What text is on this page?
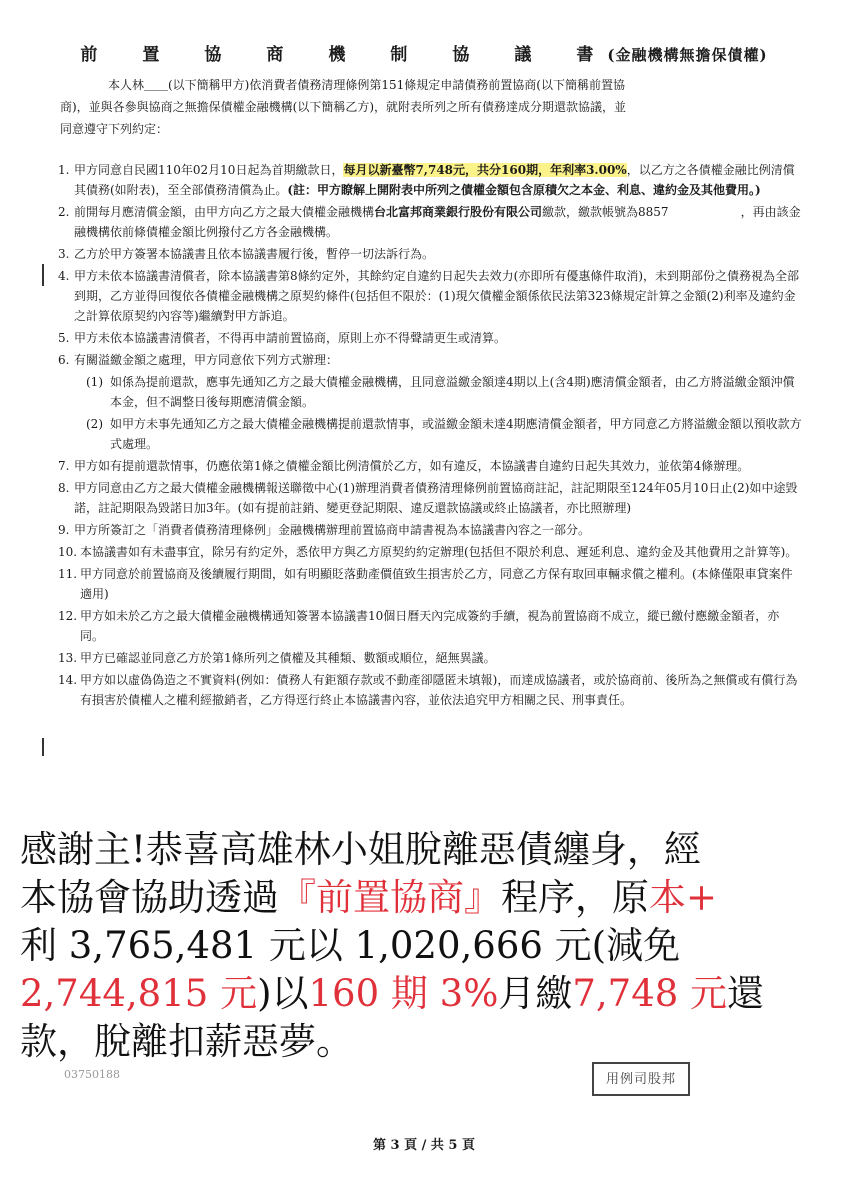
前　置　協　商　機　制　協　議　書(金融機構無擔保債權)
本人林＿＿(以下簡稱甲方)依消費者債務清理條例第151條規定申請債務前置協商(以下簡稱前置協
商)，並與各參與協商之無擔保債權金融機構(以下簡稱乙方)，就附表所列之所有債務達成分期還款協議，並
同意遵守下列約定：
1. 甲方同意自民國110年02月10日起為首期繳款日，每月以新臺幣7,748元，共分160期，年利率3.00%，以乙方之各債權金融比例清償其債務(如附表)，至全部債務清償為止。(註：甲方瞭解上開附表中所列之債權金額包含原積欠之本金、利息、違約金及其他費用。)
2. 前開每月應清償金額，由甲方向乙方之最大債權金融機構台北富邦商業銀行股份有限公司繳款，繳款帳號為8857　　　　　　，再由該金融機構依前條債權金額比例撥付乙方各金融機構。
3. 乙方於甲方簽署本協議書且依本協議書履行後，暫停一切法訴行為。
4. 甲方未依本協議書清償者，除本協議書第8條約定外，其餘約定自違約日起失去效力(亦即所有優惠條件取消)，未到期部份之債務視為全部到期，乙方並得回復依各債權金融機構之原契約條件(包括但不限於：(1)現欠債權金額係依民法第323條規定計算之金額(2)利率及違約金之計算依原契約內容等)繼續對甲方訴追。
5. 甲方未依本協議書清償者，不得再申請前置協商，原則上亦不得聲請更生或清算。
6. 有關溢繳金額之處理，甲方同意依下列方式辦理：
(1) 如係為提前還款，應事先通知乙方之最大債權金融機構，且同意溢繳金額達4期以上(含4期)應清償金額者，由乙方將溢繳金額沖償本金，但不調整日後每期應清償金額。
(2) 如甲方未事先通知乙方之最大債權金融機構提前還款情事，或溢繳金額未達4期應清償金額者，甲方同意乙方將溢繳金額以預收款方式處理。
7. 甲方如有提前還款情事，仍應依第1條之債權金額比例清償於乙方，如有違反，本協議書自違約日起失其效力，並依第4條辦理。
8. 甲方同意由乙方之最大債權金融機構報送聯徵中心(1)辦理消費者債務清理條例前置協商註記，註記期限至124年05月10日止(2)如中途毀諾，註記期限為毀諾日加3年。(如有提前註銷、變更登記期限、違反還款協議或終止協議者，亦比照辦理)
9. 甲方所簽訂之「消費者債務清理條例」金融機構辦理前置協商申請書視為本協議書內容之一部分。
10. 本協議書如有未盡事宜，除另有約定外，悉依甲方與乙方原契約約定辦理(包括但不限於利息、遲延利息、違約金及其他費用之計算等)。
11. 甲方同意於前置協商及後續履行期間，如有明顯貶落動產價值致生損害於乙方，同意乙方保有取回車輛求償之權利。(本條僅限車貸案件適用)
12. 甲方如未於乙方之最大債權金融機構通知簽署本協議書10個日曆天內完成簽約手續，視為前置協商不成立，縱已繳付應繳金額者，亦同。
13. 甲方已確認並同意乙方於第1條所列之債權及其種類、數額或順位，絕無異議。
14. 甲方如以虛偽偽造之不實資料(例如：債務人有鉅額存款或不動產卻隱匿未填報)，而達成協議者，或於協商前、後所為之無償或有償行為有損害於債權人之權利經撤銷者，乙方得逕行終止本協議書內容，並依法追究甲方相關之民、刑事責任。

感謝主!恭喜高雄林小姐脫離惡債纏身，經

本協會協助透過『前置協商』程序，原本+

利 3,765,481 元以 1,020,666 元(減免

2,744,815 元)以160 期 3%月繳7,748 元還

款，脫離扣薪惡夢。

03750188	用例司股邦
第 3 頁 / 共 5 頁
